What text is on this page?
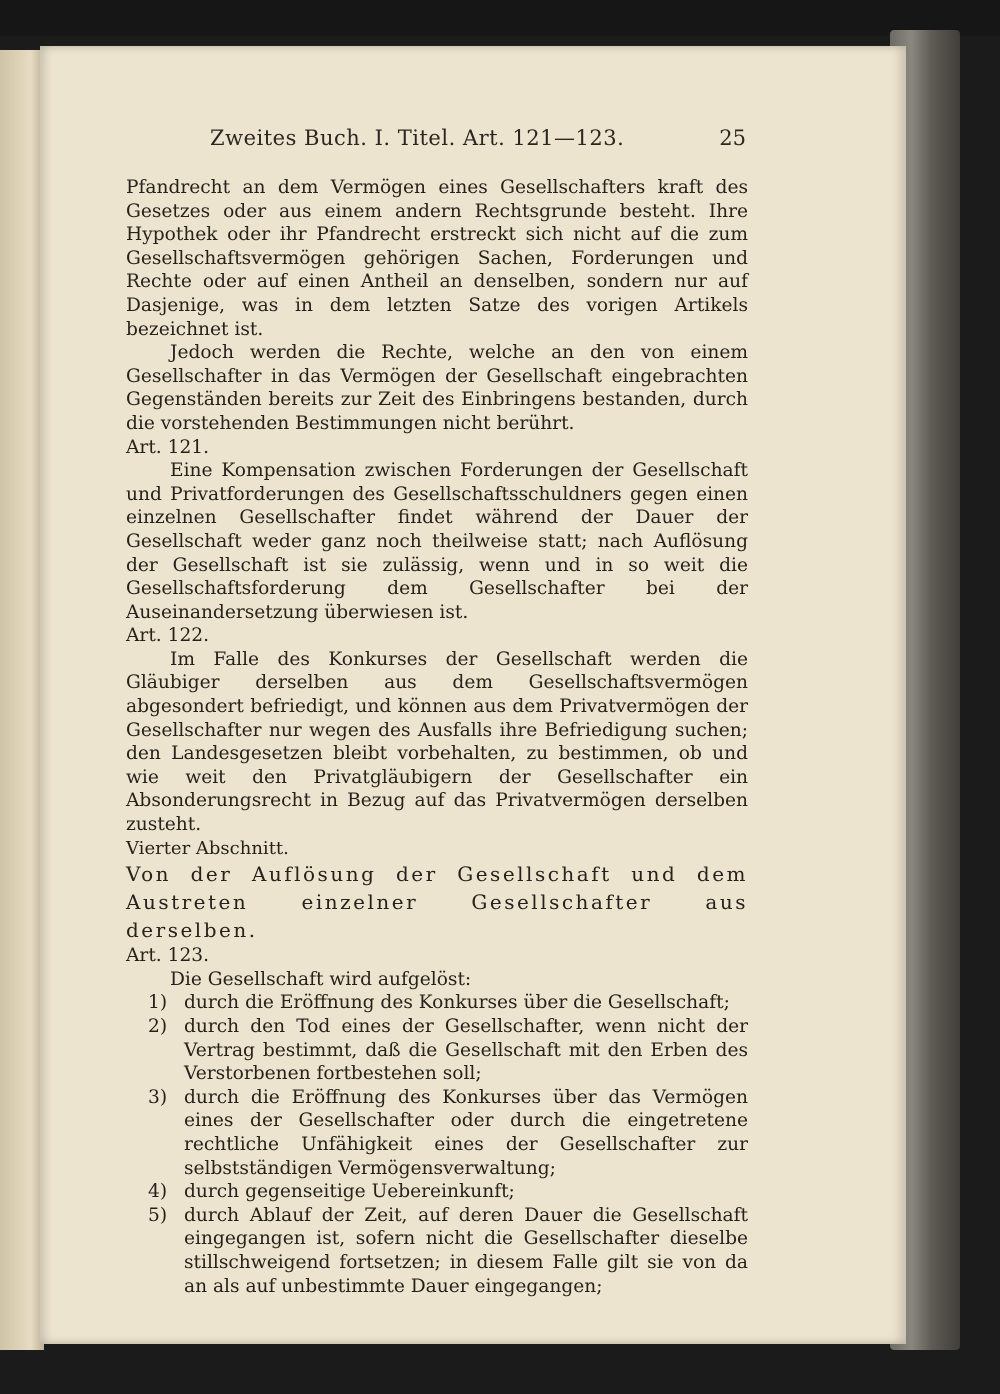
Zweites Buch. I. Titel. Art. 121—123.	25

Pfandrecht an dem Vermögen eines Gesellschafters kraft des Gesetzes oder aus einem andern Rechtsgrunde besteht. Ihre Hypothek oder ihr Pfandrecht erstreckt sich nicht auf die zum Gesellschaftsvermögen gehörigen Sachen, Forderungen und Rechte oder auf einen Antheil an denselben, sondern nur auf Dasjenige, was in dem letzten Satze des vorigen Artikels bezeichnet ist.

Jedoch werden die Rechte, welche an den von einem Gesellschafter in das Vermögen der Gesellschaft eingebrachten Gegenständen bereits zur Zeit des Einbringens bestanden, durch die vorstehenden Bestimmungen nicht berührt.

Art. 121.

Eine Kompensation zwischen Forderungen der Gesellschaft und Privatforderungen des Gesellschaftsschuldners gegen einen einzelnen Gesellschafter findet während der Dauer der Gesellschaft weder ganz noch theilweise statt; nach Auflösung der Gesellschaft ist sie zulässig, wenn und in so weit die Gesellschaftsforderung dem Gesellschafter bei der Auseinandersetzung überwiesen ist.

Art. 122.

Im Falle des Konkurses der Gesellschaft werden die Gläubiger derselben aus dem Gesellschaftsvermögen abgesondert befriedigt, und können aus dem Privatvermögen der Gesellschafter nur wegen des Ausfalls ihre Befriedigung suchen; den Landesgesetzen bleibt vorbehalten, zu bestimmen, ob und wie weit den Privatgläubigern der Gesellschafter ein Absonderungsrecht in Bezug auf das Privatvermögen derselben zusteht.

Vierter Abschnitt.

Von der Auflösung der Gesellschaft und dem Austreten einzelner Gesellschafter aus derselben.

Art. 123.

Die Gesellschaft wird aufgelöst:

1) durch die Eröffnung des Konkurses über die Gesellschaft;
2) durch den Tod eines der Gesellschafter, wenn nicht der Vertrag bestimmt, daß die Gesellschaft mit den Erben des Verstorbenen fortbestehen soll;
3) durch die Eröffnung des Konkurses über das Vermögen eines der Gesellschafter oder durch die eingetretene rechtliche Unfähigkeit eines der Gesellschafter zur selbstständigen Vermögensverwaltung;
4) durch gegenseitige Uebereinkunft;
5) durch Ablauf der Zeit, auf deren Dauer die Gesellschaft eingegangen ist, sofern nicht die Gesellschafter dieselbe stillschweigend fortsetzen; in diesem Falle gilt sie von da an als auf unbestimmte Dauer eingegangen;
